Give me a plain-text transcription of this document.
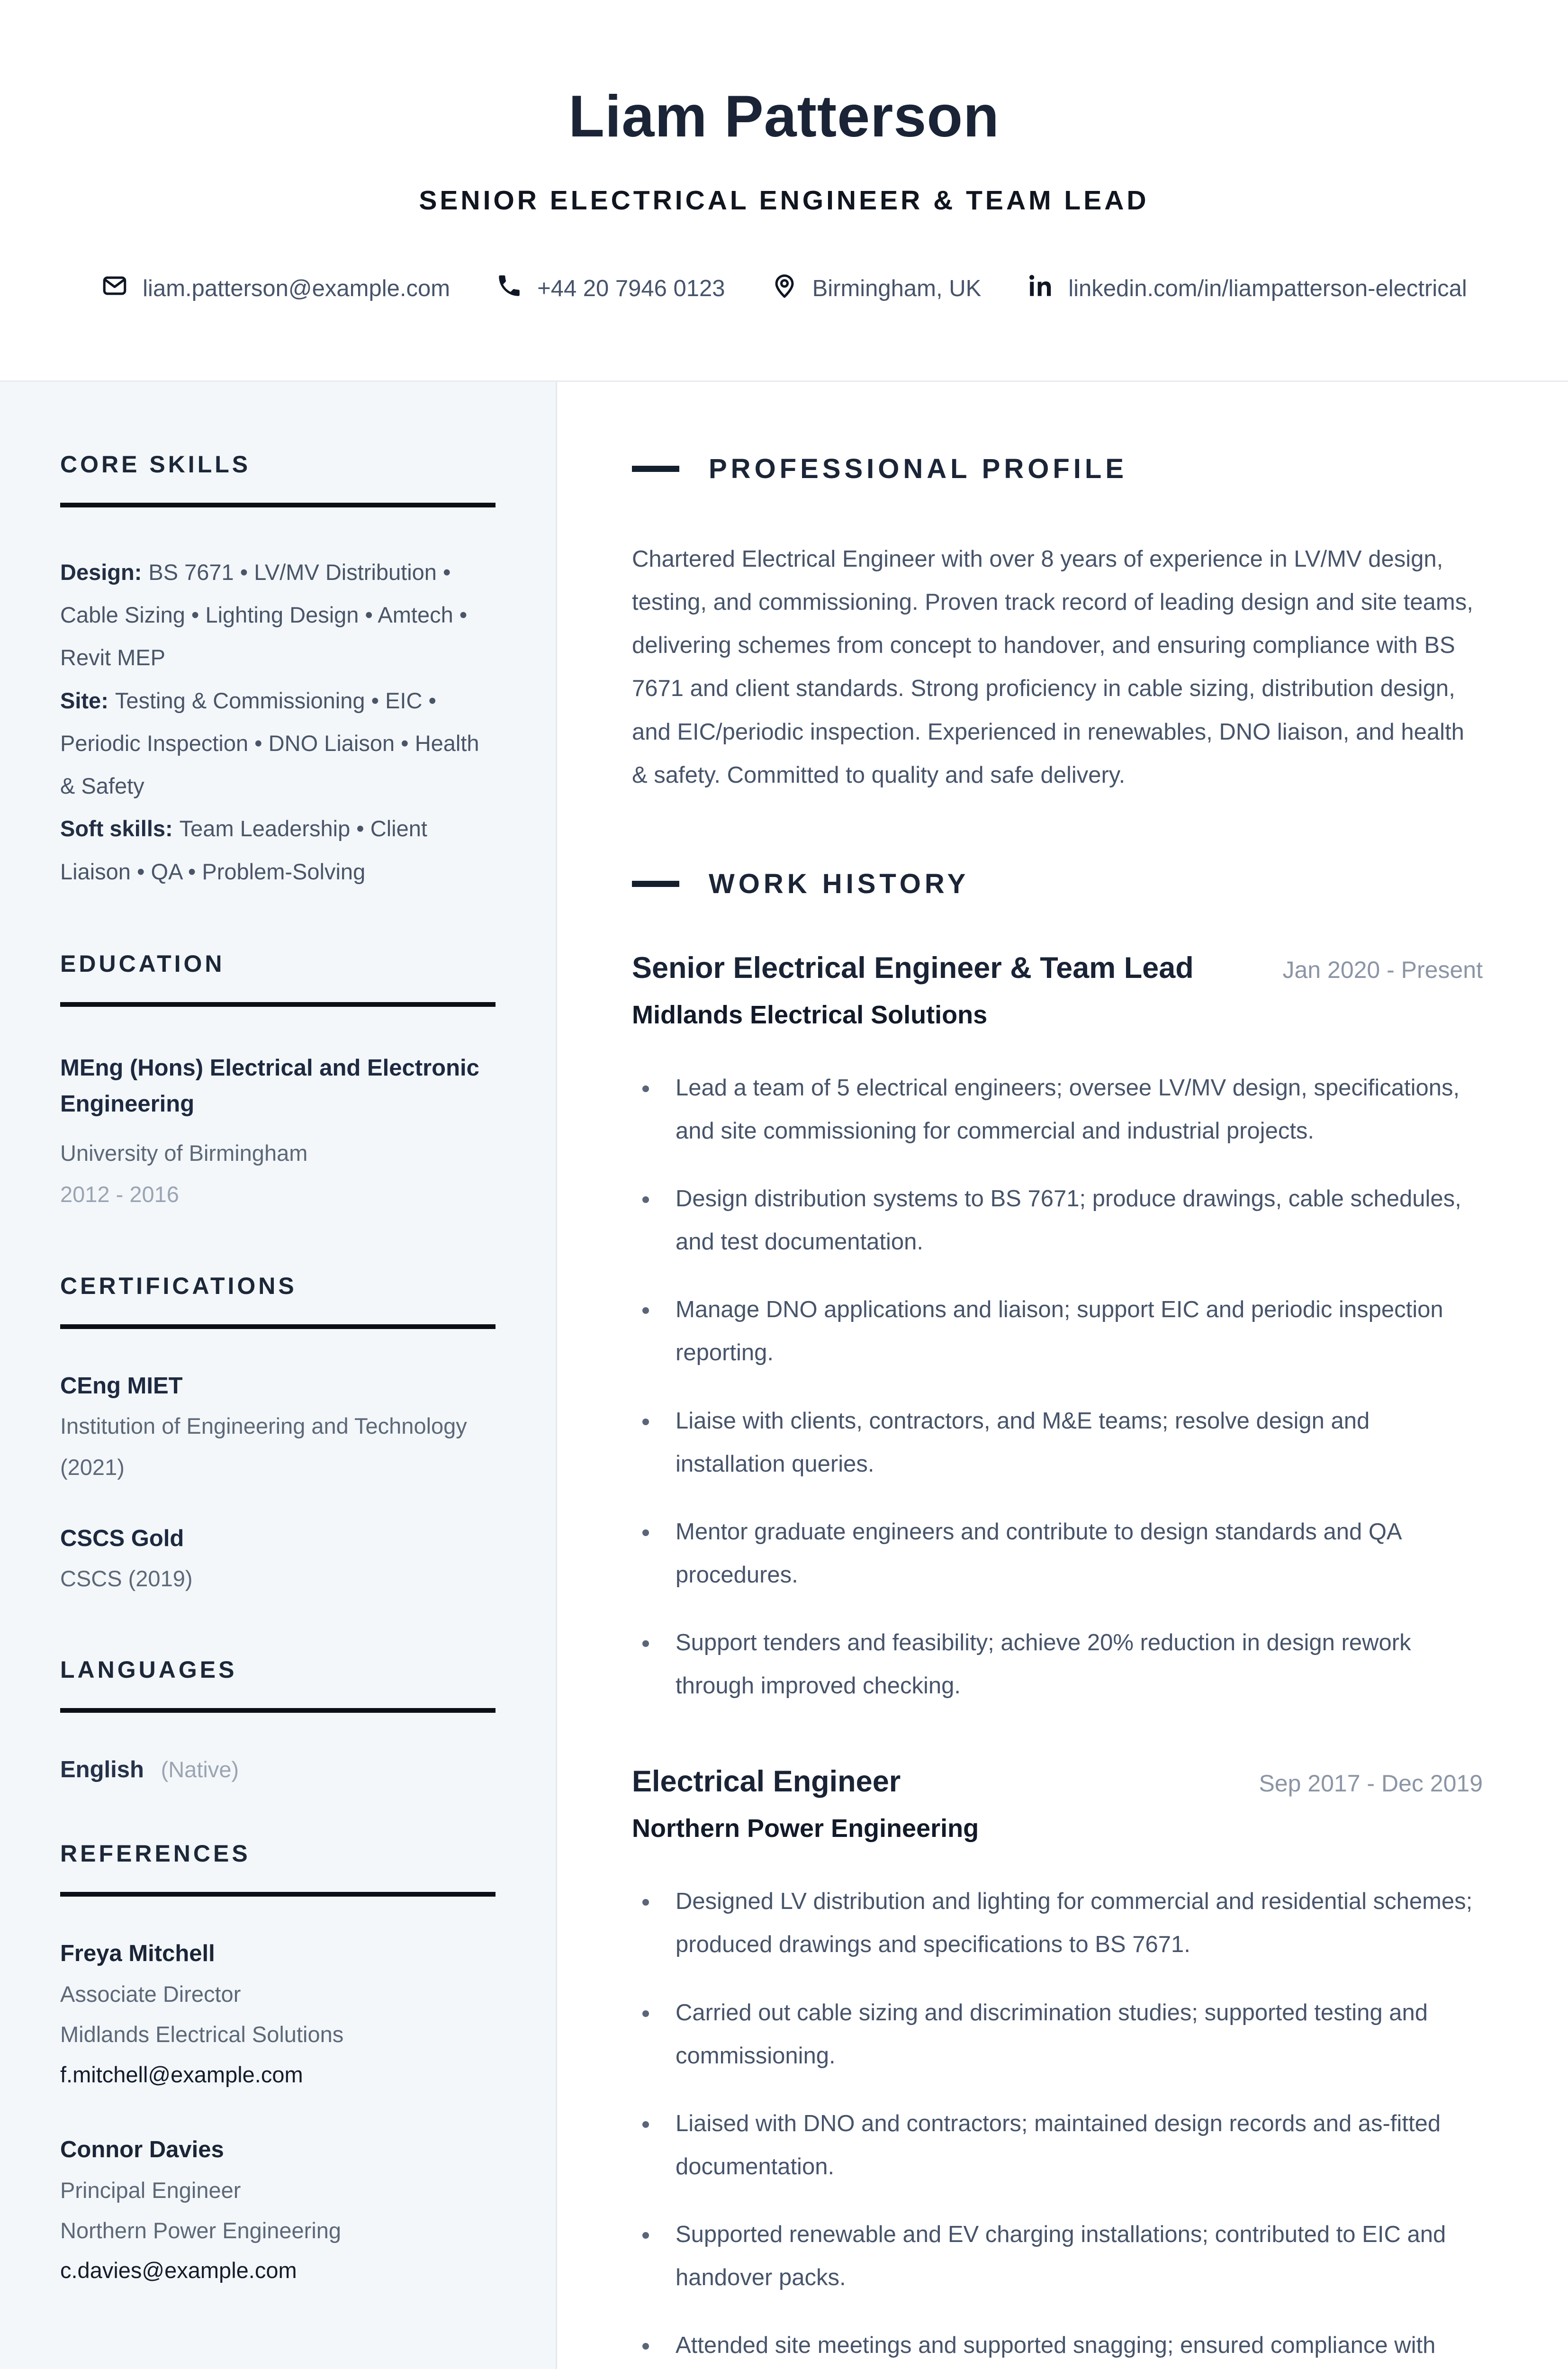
Liam Patterson
SENIOR ELECTRICAL ENGINEER & TEAM LEAD
liam.patterson@example.com	+44 20 7946 0123	Birmingham, UK	linkedin.com/in/liampatterson-electrical
CORE SKILLS

Design: BS 7671 • LV/MV Distribution • Cable Sizing • Lighting Design • Amtech • Revit MEP

Site: Testing & Commissioning • EIC • Periodic Inspection • DNO Liaison • Health & Safety

Soft skills: Team Leadership • Client Liaison • QA • Problem-Solving

EDUCATION
MEng (Hons) Electrical and Electronic Engineering
University of Birmingham
2012 - 2016
CERTIFICATIONS
CEng MIET
Institution of Engineering and Technology (2021)
CSCS Gold
CSCS (2019)
LANGUAGES
English (Native)
REFERENCES
Freya Mitchell
Associate Director
Midlands Electrical Solutions
f.mitchell@example.com
Connor Davies
Principal Engineer
Northern Power Engineering
c.davies@example.com
PROFESSIONAL PROFILE

Chartered Electrical Engineer with over 8 years of experience in LV/MV design, testing, and commissioning. Proven track record of leading design and site teams, delivering schemes from concept to handover, and ensuring compliance with BS 7671 and client standards. Strong proficiency in cable sizing, distribution design, and EIC/periodic inspection. Experienced in renewables, DNO liaison, and health & safety. Committed to quality and safe delivery.

WORK HISTORY
Senior Electrical Engineer & Team Lead	Jan 2020 - Present
Midlands Electrical Solutions
Lead a team of 5 electrical engineers; oversee LV/MV design, specifications, and site commissioning for commercial and industrial projects.
Design distribution systems to BS 7671; produce drawings, cable schedules, and test documentation.
Manage DNO applications and liaison; support EIC and periodic inspection reporting.
Liaise with clients, contractors, and M&E teams; resolve design and installation queries.
Mentor graduate engineers and contribute to design standards and QA procedures.
Support tenders and feasibility; achieve 20% reduction in design rework through improved checking.
Electrical Engineer	Sep 2017 - Dec 2019
Northern Power Engineering
Designed LV distribution and lighting for commercial and residential schemes; produced drawings and specifications to BS 7671.
Carried out cable sizing and discrimination studies; supported testing and commissioning.
Liaised with DNO and contractors; maintained design records and as-fitted documentation.
Supported renewable and EV charging installations; contributed to EIC and handover packs.
Attended site meetings and supported snagging; ensured compliance with
